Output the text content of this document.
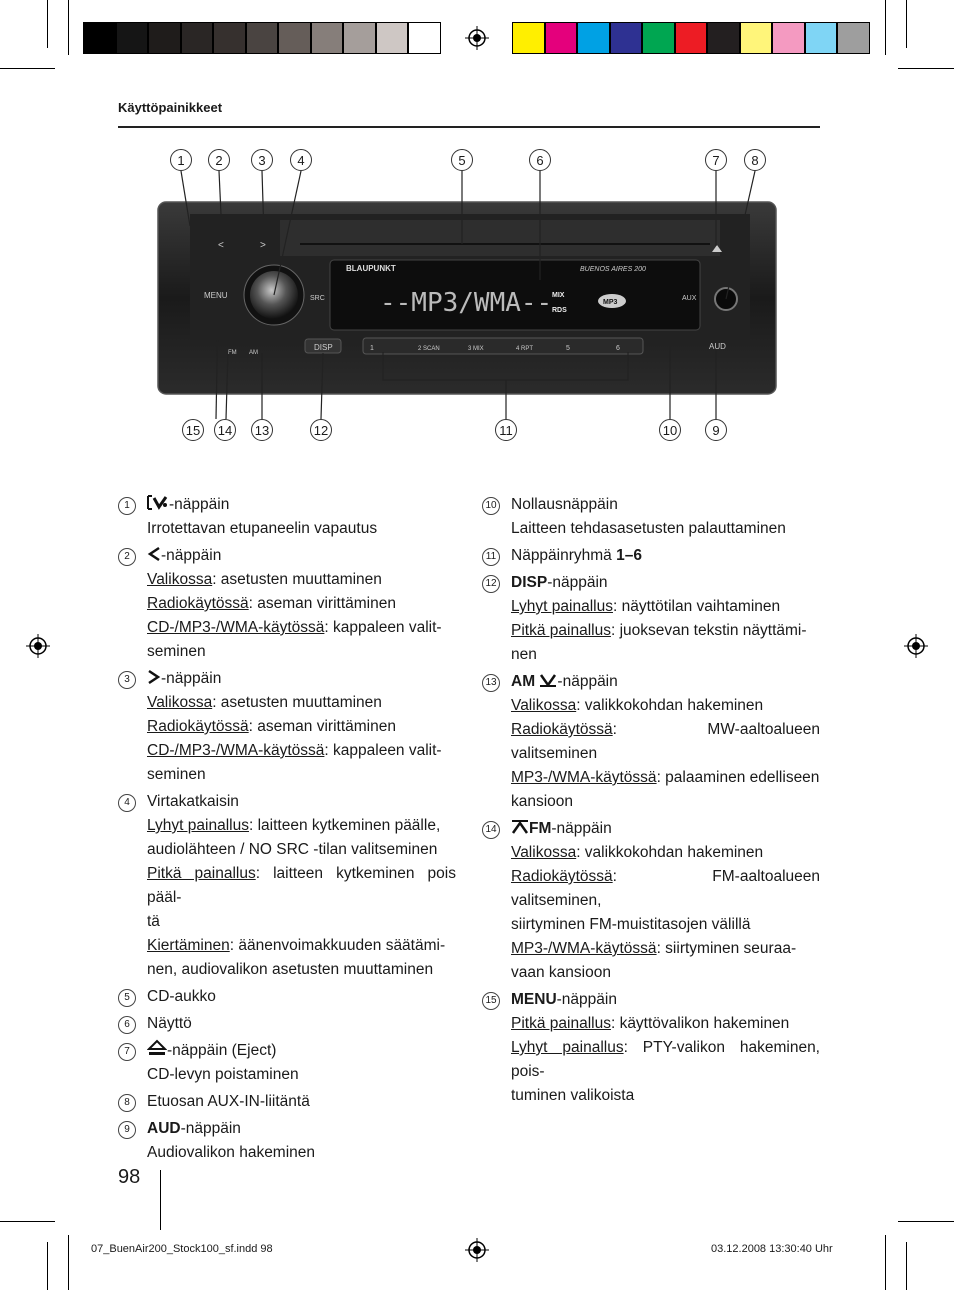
Käyttöpainikkeet
BLAUPUNKT	BUENOS AIRES 200
--MP3/WMA-- MIX
RDS
MP3
MENU	SRC
<	>
AUX
AUD
DISP
FM AM
1	2 SCAN	3 MIX	4 RPT	5	6
1	2	3	4	5	6	7	8
15 14 13	12	11	10	9
1	-näppäin
Irrotettavan etupaneelin vapautus
2	-näppäin
Valikossa: asetusten muuttaminen
Radiokäytössä: aseman virittäminen
CD-/MP3-/WMA-käytössä: kappaleen valit-
seminen
3	-näppäin
Valikossa: asetusten muuttaminen
Radiokäytössä: aseman virittäminen
CD-/MP3-/WMA-käytössä: kappaleen valit-
seminen
4	Virtakatkaisin
Lyhyt painallus: laitteen kytkeminen päälle,
audiolähteen / NO SRC -tilan valitseminen
Pitkä painallus: laitteen kytkeminen pois pääl-
tä
Kiertäminen: äänenvoimakkuuden säätämi-
nen, audiovalikon asetusten muuttaminen
5	CD-aukko
6	Näyttö
7	-näppäin (Eject)
CD-levyn poistaminen
8	Etuosan AUX-IN-liitäntä
9	AUD-näppäin
Audiovalikon hakeminen
10 Nollausnäppäin
Laitteen tehdasasetusten palauttaminen
11 Näppäinryhmä 1–6
12 DISP-näppäin
Lyhyt painallus: näyttötilan vaihtaminen
Pitkä painallus: juoksevan tekstin näyttämi-
nen
13 AM -näppäin
Valikossa: valikkokohdan hakeminen
Radiokäytössä: MW-aaltoalueen valitseminen
MP3-/WMA-käytössä: palaaminen edelliseen
kansioon
14	FM-näppäin
Valikossa: valikkokohdan hakeminen
Radiokäytössä: FM-aaltoalueen valitseminen,
siirtyminen FM-muistitasojen välillä
MP3-/WMA-käytössä: siirtyminen seuraa-
vaan kansioon
15 MENU-näppäin
Pitkä painallus: käyttövalikon hakeminen
Lyhyt painallus: PTY-valikon hakeminen, pois-
tuminen valikoista
98
07_BuenAir200_Stock100_sf.indd 98	03.12.2008 13:30:40 Uhr
